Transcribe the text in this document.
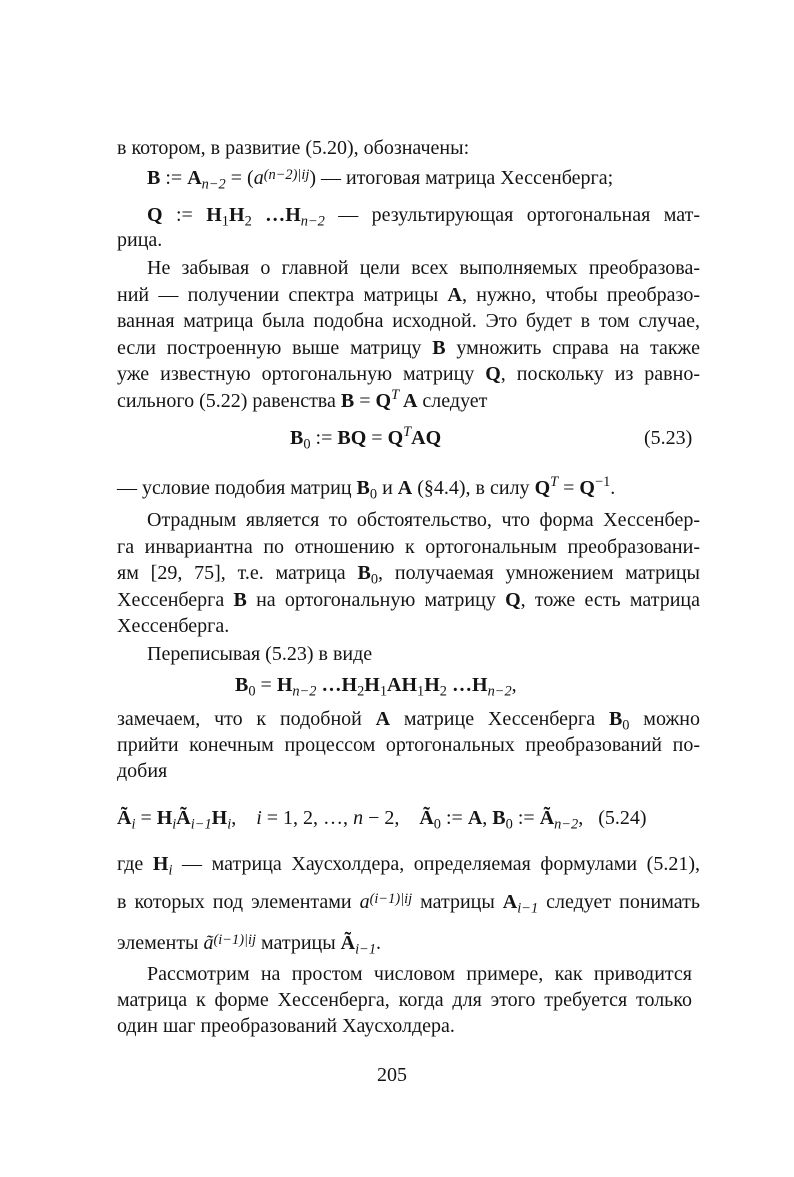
в котором, в развитие (5.20), обозначены:
B := $A_{n-2} = (a^{(n-2)|ij})$ — итоговая матрица Хессенберга;
Q := $H_1H_2$ $\dots H_{n-2}$ — результирующая ортогональная мат-
рица.
Не забывая о главной цели всех выполняемых преобразова-
ний — получении спектра матрицы A, нужно, чтобы преобразо-
ванная матрица была подобна исходной. Это будет в том случае,
если построенную выше матрицу B умножить справа на также
уже известную ортогональную матрицу Q, поскольку из равно-
сильного (5.22) равенства $B = Q^T$ A следует
$B_0$ := BQ = $Q^TAQ$	(5.23)
— условие подобия матриц $B_0$ и A (§4.4), в силу $Q^T = Q^{-1}$.
Отрадным является то обстоятельство, что форма Хессенбер-
га инвариантна по отношению к ортогональным преобразовани-
ям [29, 75], т.е. матрица $B_0$, получаемая умножением матрицы
Хессенберга B на ортогональную матрицу Q, тоже есть матрица
Хессенберга.
Переписывая (5.23) в виде
$B_0 = H_{n-2}$ $\dots H_2H_1AH_1H_2$ $\dots H_{n-2}$,
замечаем, что к подобной A матрице Хессенберга $B_0$ можно
прийти конечным процессом ортогональных преобразований по-
добия
$Ã_i$ = $H_iÃ_{i-1}H_i$,    i = 1, 2, …, n − 2,    $Ã_0$ := A, $B_0$ := $Ã_{n-2}$,   (5.24)
где $H_i$ — матрица Хаусхолдера, определяемая формулами (5.21),
в которых под элементами $a^{(i-1)|ij}$ матрицы $A_{i-1}$ следует понимать
элементы $ã^{(i-1)|ij}$ матрицы $Ã_{i-1}$.
Рассмотрим на простом числовом примере, как приводится
матрица к форме Хессенберга, когда для этого требуется только
один шаг преобразований Хаусхолдера.
205
